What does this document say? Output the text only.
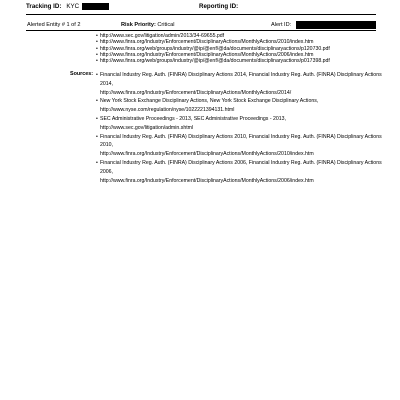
Tracking ID: KYC	Reporting ID:
Alerted Entity # 1 of 2	Risk Priority: Critical	Alert ID:
• http://www.sec.gov/litigation/admin/2013/34-69655.pdf
• http://www.finra.org/Industry/Enforcement/DisciplinaryActions/MonthlyActions/2010/index.htm
• http://www.finra.org/web/groups/industry/@ip/@enf/@da/documents/disciplinaryactions/p120730.pdf
• http://www.finra.org/Industry/Enforcement/DisciplinaryActions/MonthlyActions/2006/index.htm
• http://www.finra.org/web/groups/industry/@ip/@enf/@da/documents/disciplinaryactions/p017398.pdf
Sources:
• Financial Industry Reg. Auth. (FINRA) Disciplinary Actions 2014, Financial Industry Reg. Auth. (FINRA) Disciplinary Actions 2014,
http://www.finra.org/Industry/Enforcement/DisciplinaryActions/MonthlyActions/2014/
• New York Stock Exchange Disciplinary Actions, New York Stock Exchange Disciplinary Actions,
http://www.nyse.com/regulation/nyse/1022221394131.html
• SEC Administrative Proceedings - 2013, SEC Administrative Proceedings - 2013,
http://www.sec.gov/litigation/admin.shtml
• Financial Industry Reg. Auth. (FINRA) Disciplinary Actions 2010, Financial Industry Reg. Auth. (FINRA) Disciplinary Actions 2010,
http://www.finra.org/Industry/Enforcement/DisciplinaryActions/MonthlyActions/2010/index.htm
• Financial Industry Reg. Auth. (FINRA) Disciplinary Actions 2006, Financial Industry Reg. Auth. (FINRA) Disciplinary Actions 2006,
http://www.finra.org/Industry/Enforcement/DisciplinaryActions/MonthlyActions/2006/index.htm
